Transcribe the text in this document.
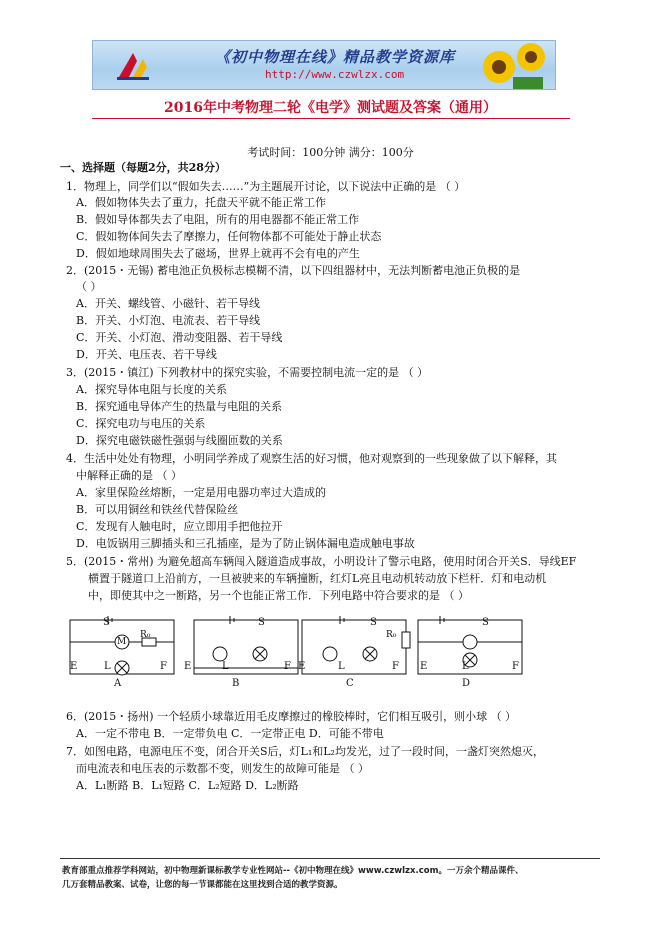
《初中物理在线》精品教学资源库
http://www.czwlzx.com
2016年中考物理二轮《电学》测试题及答案（通用）
考试时间：100分钟 满分：100分
一、选择题（每题2分，共28分）
1．物理上，同学们以“假如失去……”为主题展开讨论，以下说法中正确的是 （ ）
A．假如物体失去了重力，托盘天平就不能正常工作
B．假如导体都失去了电阻，所有的用电器都不能正常工作
C．假如物体间失去了摩擦力，任何物体都不可能处于静止状态
D．假如地球周围失去了磁场，世界上就再不会有电的产生
2．(2015・无锡) 蓄电池正负极标志模糊不清，以下四组器材中，无法判断蓄电池正负极的是
（ ）
A．开关、螺线管、小磁针、若干导线
B．开关、小灯泡、电流表、若干导线
C．开关、小灯泡、滑动变阻器、若干导线
D．开关、电压表、若干导线
3．(2015・镇江) 下列教材中的探究实验，不需要控制电流一定的是 （ ）
A．探究导体电阻与长度的关系
B．探究通电导体产生的热量与电阻的关系
C．探究电功与电压的关系
D．探究电磁铁磁性强弱与线圈匝数的关系
4．生活中处处有物理，小明同学养成了观察生活的好习惯，他对观察到的一些现象做了以下解释，其
中解释正确的是 （ ）
A．家里保险丝熔断，一定是用电器功率过大造成的
B．可以用铜丝和铁丝代替保险丝
C．发现有人触电时，应立即用手把他拉开
D．电饭锅用三脚插头和三孔插座，是为了防止锅体漏电造成触电事故
5．(2015・常州) 为避免超高车辆闯入隧道造成事故，小明设计了警示电路，使用时闭合开关S．导线EF
横置于隧道口上沿前方，一旦被驶来的车辆撞断，红灯L亮且电动机转动放下栏杆．灯和电动机
中，即使其中之一断路，另一个也能正常工作．下列电路中符合要求的是 （ ）
6．(2015・扬州) 一个轻质小球靠近用毛皮摩擦过的橡胶棒时，它们相互吸引，则小球 （ ）
A．一定不带电 B．一定带负电 C．一定带正电 D．可能不带电
7．如图电路，电源电压不变，闭合开关S后，灯L₁和L₂均发光，过了一段时间，一盏灯突然熄灭，
而电流表和电压表的示数都不变，则发生的故障可能是 （ ）
A．L₁断路 B．L₁短路 C．L₂短路 D．L₂断路
S
M
R₀
E	L	F
S
E	L	F
S
R₀
E	L	F
S
E	L	F
A	B	C	D
教育部重点推荐学科网站，初中物理新课标教学专业性网站--《初中物理在线》www.czwlzx.com。一万余个精品课件、
几万套精品教案、试卷，让您的每一节课都能在这里找到合适的教学资源。
